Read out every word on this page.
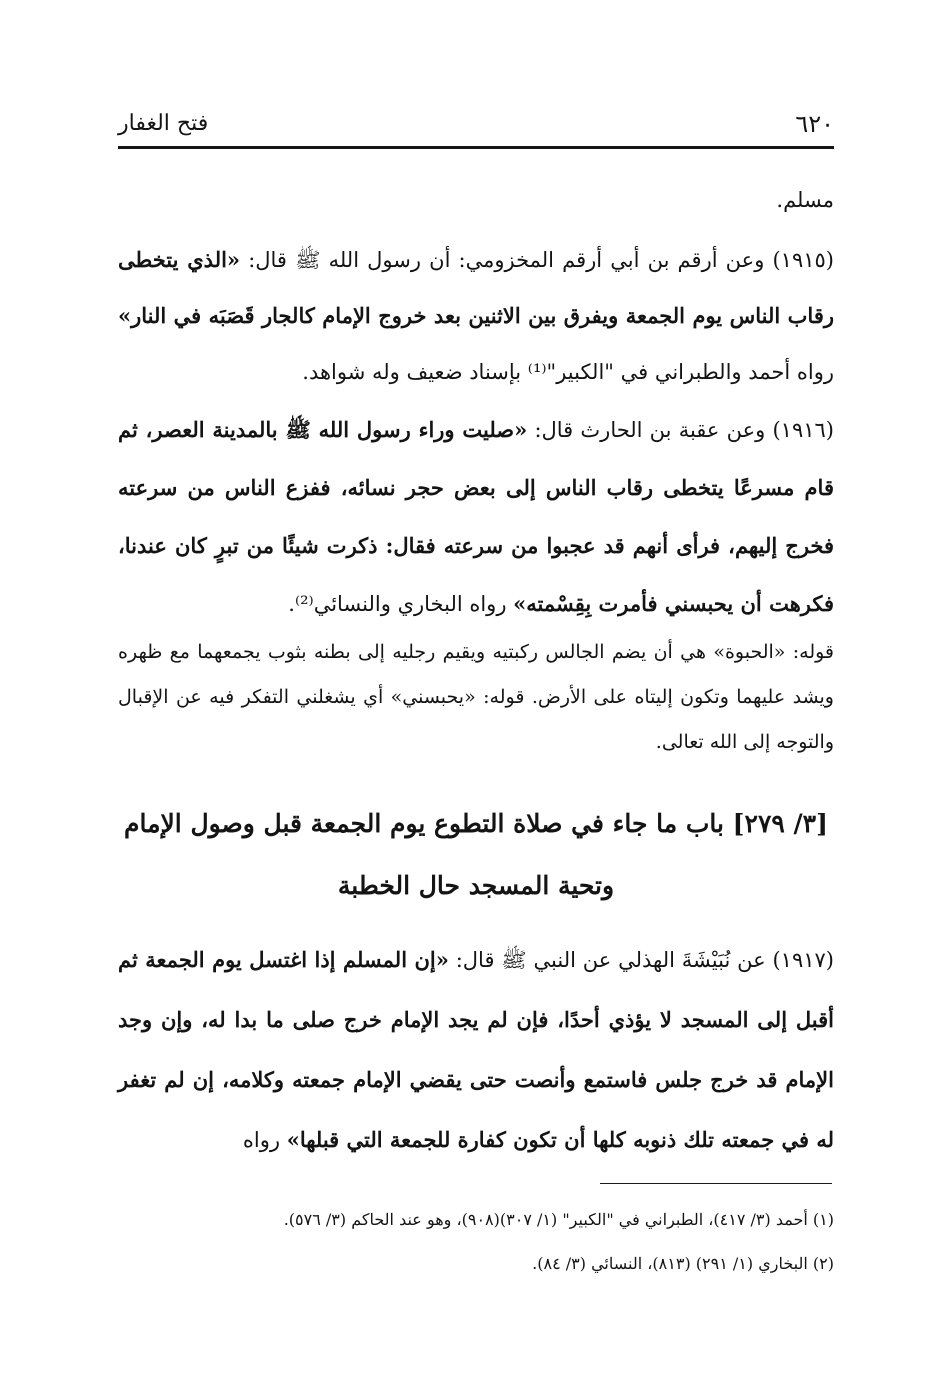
٦٢٠
فتح الغفار

مسلم.

(١٩١٥) وعن أرقم بن أبي أرقم المخزومي: أن رسول الله ﷺ قال: «الذي يتخطى رقاب الناس يوم الجمعة ويفرق بين الاثنين بعد خروج الإمام كالجار قَصَبَه في النار» رواه أحمد والطبراني في "الكبير"⁽¹⁾ بإسناد ضعيف وله شواهد.

(١٩١٦) وعن عقبة بن الحارث قال: «صليت وراء رسول الله ﷺ بالمدينة العصر، ثم قام مسرعًا يتخطى رقاب الناس إلى بعض حجر نسائه، ففزع الناس من سرعته فخرج إليهم، فرأى أنهم قد عجبوا من سرعته فقال: ذكرت شيئًا من تبرٍ كان عندنا، فكرهت أن يحبسني فأمرت بِقِسْمته» رواه البخاري والنسائي⁽²⁾.

قوله: «الحبوة» هي أن يضم الجالس ركبتيه ويقيم رجليه إلى بطنه بثوب يجمعهما مع ظهره ويشد عليهما وتكون إليتاه على الأرض. قوله: «يحبسني» أي يشغلني التفكر فيه عن الإقبال والتوجه إلى الله تعالى.

[٣/ ٢٧٩] باب ما جاء في صلاة التطوع يوم الجمعة قبل وصول الإمام
وتحية المسجد حال الخطبة

(١٩١٧) عن نُبَيْشَةَ الهذلي عن النبي ﷺ قال: «إن المسلم إذا اغتسل يوم الجمعة ثم أقبل إلى المسجد لا يؤذي أحدًا، فإن لم يجد الإمام خرج صلى ما بدا له، وإن وجد الإمام قد خرج جلس فاستمع وأنصت حتى يقضي الإمام جمعته وكلامه، إن لم تغفر له في جمعته تلك ذنوبه كلها أن تكون كفارة للجمعة التي قبلها» رواه

(١) أحمد (٣/ ٤١٧)، الطبراني في "الكبير" (١/ ٣٠٧)(٩٠٨)، وهو عند الحاكم (٣/ ٥٧٦).
(٢) البخاري (١/ ٢٩١) (٨١٣)، النسائي (٣/ ٨٤).
